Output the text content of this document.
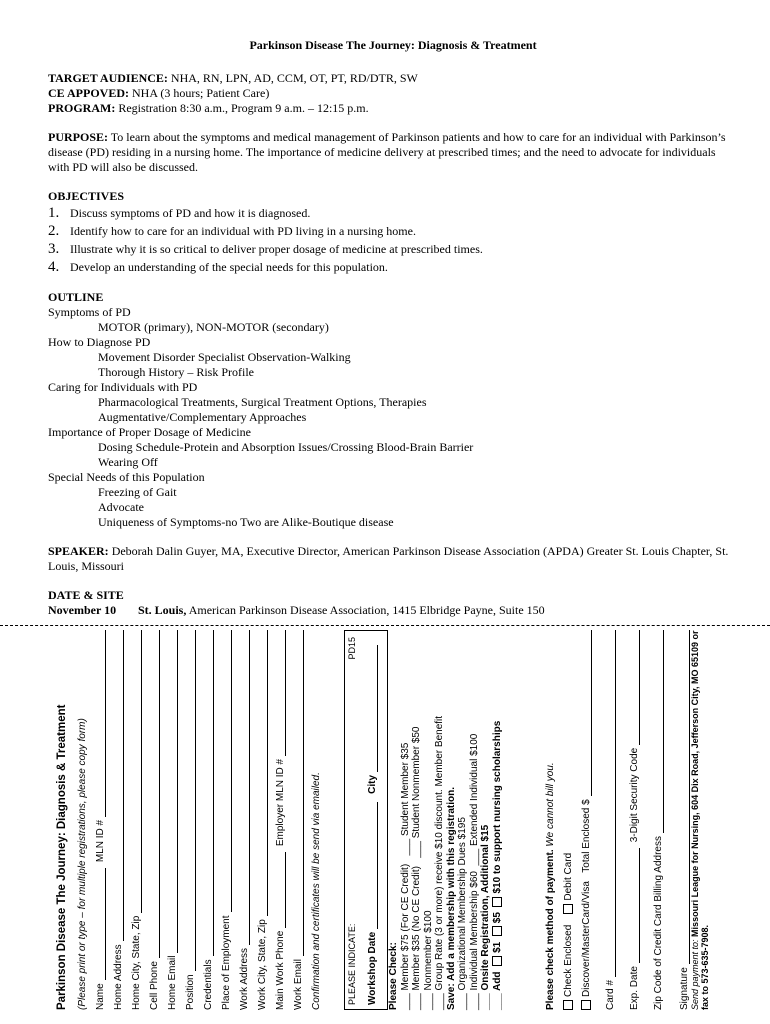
Parkinson Disease The Journey: Diagnosis & Treatment

TARGET AUDIENCE: NHA, RN, LPN, AD, CCM, OT, PT, RD/DTR, SW

CE APPOVED: NHA (3 hours; Patient Care)

PROGRAM: Registration 8:30 a.m., Program 9 a.m. – 12:15 p.m.

PURPOSE: To learn about the symptoms and medical management of Parkinson patients and how to care for an individual with Parkinson’s disease (PD) residing in a nursing home. The importance of medicine delivery at prescribed times; and the need to advocate for individuals with PD will also be discussed.

OBJECTIVES

1. Discuss symptoms of PD and how it is diagnosed.
2. Identify how to care for an individual with PD living in a nursing home.
3. Illustrate why it is so critical to deliver proper dosage of medicine at prescribed times.
4. Develop an understanding of the special needs for this population.

OUTLINE

Symptoms of PD

MOTOR (primary), NON-MOTOR (secondary)

How to Diagnose PD

Movement Disorder Specialist Observation-Walking

Thorough History – Risk Profile

Caring for Individuals with PD

Pharmacological Treatments, Surgical Treatment Options, Therapies

Augmentative/Complementary Approaches

Importance of Proper Dosage of Medicine

Dosing Schedule-Protein and Absorption Issues/Crossing Blood-Brain Barrier

Wearing Off

Special Needs of this Population

Freezing of Gait

Advocate

Uniqueness of Symptoms-no Two are Alike-Boutique disease

SPEAKER: Deborah Dalin Guyer, MA, Executive Director, American Parkinson Disease Association (APDA) Greater St. Louis Chapter, St. Louis, Missouri

DATE & SITE

November 10	St. Louis, American Parkinson Disease Association, 1415 Elbridge Payne, Suite 150
Parkinson Disease The Journey: Diagnosis & Treatment (Please print or type – for multiple registrations, please copy form) Name
MLN ID #
Home Address Home City, State, Zip Cell Phone Home Email Position Credentials Place of Employment Work Address Work City, State, Zip Main Work Phone
Employer MLN ID #
Work Email Confirmation and certificates will be send via emailed.	PLEASE INDICATE:
PD15
Workshop Date
City
Please Check: ___ Member $75 (For CE Credit)   ___ Student Member $35
___ Member $35 (No CE Credit)   ___ Student Nonmember $50
___ Nonmember $100
___ Group Rate (3 or more) receive $10 discount. Member Benefit Save: Add a membership with this registration. ___ Organizational Membership Dues $195
___ Individual Membership $60  ___ Extended Individual $100
___ Onsite Registration, Additional $15
___ Add  $1  $5  $10 to support nursing scholarships
Please check method of payment.

We cannot bill you.
Check Enclosed

Debit Card
Discover/MasterCard/Visa

Total Enclosed $
Card # Exp. Date
3-Digit Security Code
Zip Code of Credit Card Billing Address Signature Send payment to: Missouri League for Nursing, 604 Dix Road, Jefferson City, MO 65109 or fax to 573-635-7908.
